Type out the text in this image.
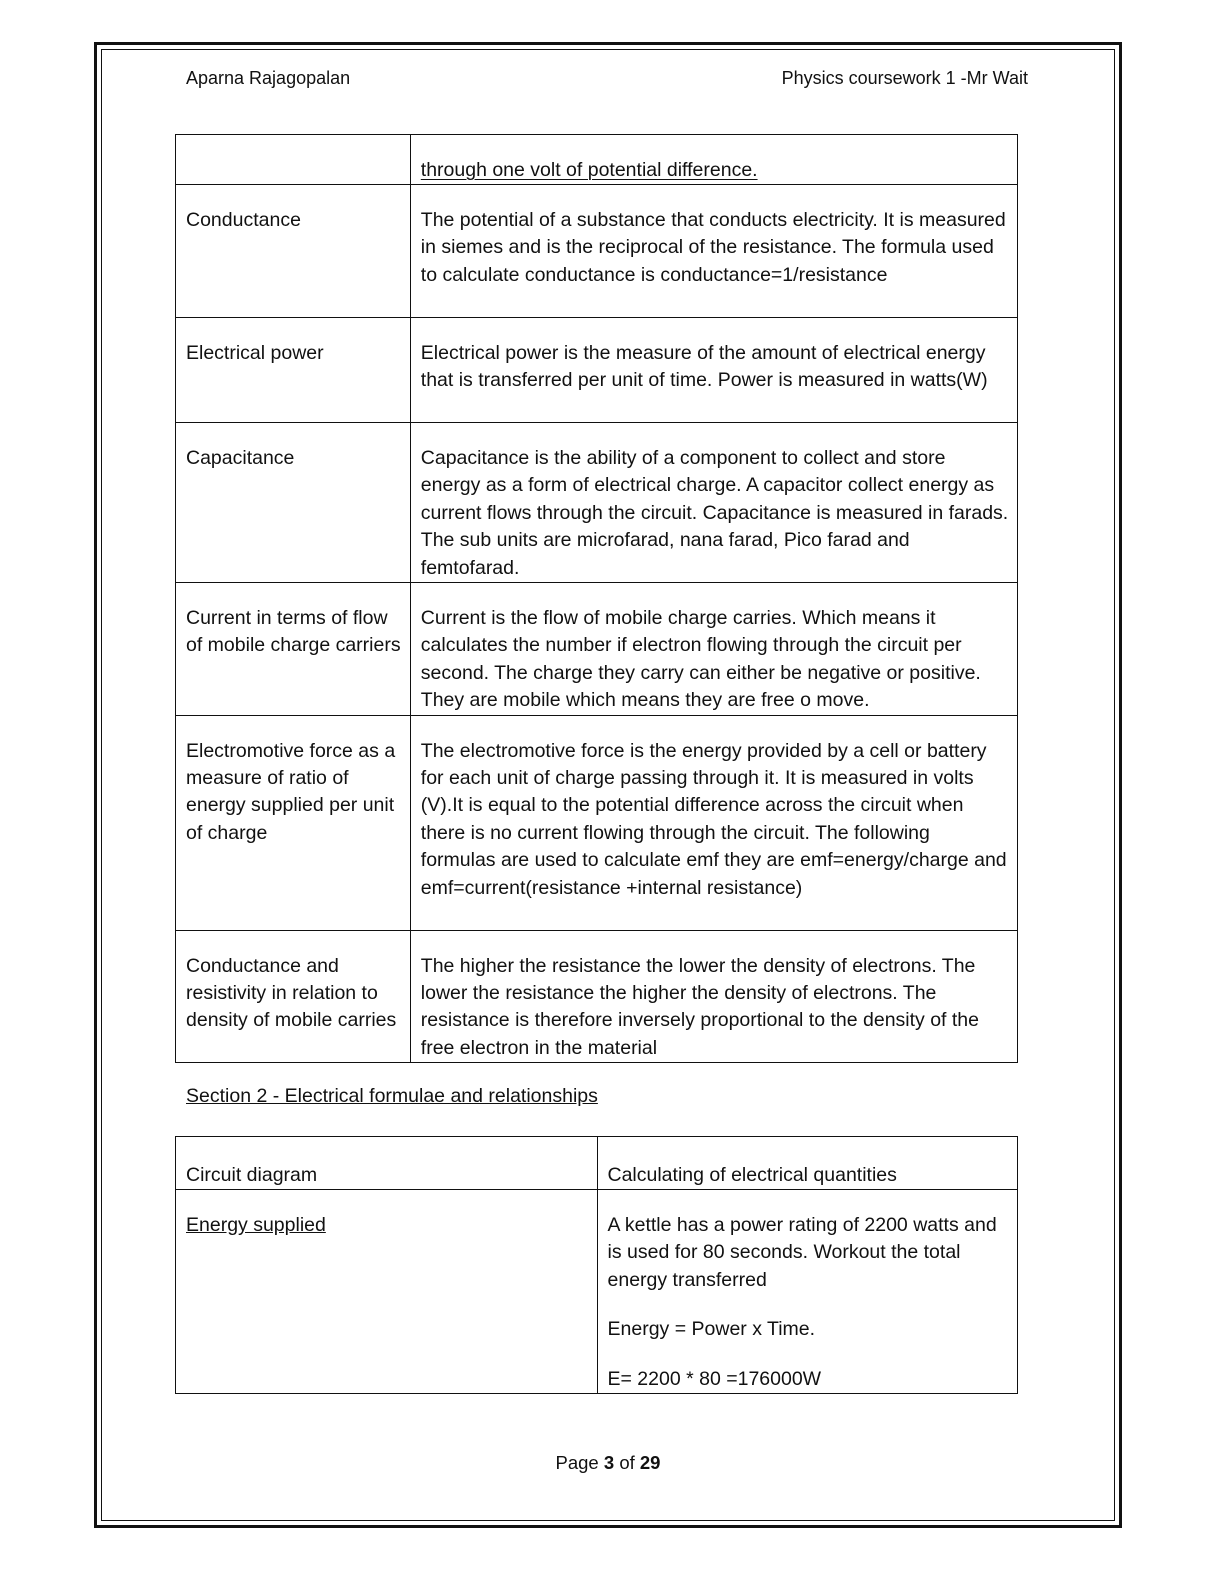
Aparna Rajagopalan	Physics coursework 1 -Mr Wait
	through one volt of potential difference.
Conductance	The potential of a substance that conducts electricity. It is measured in siemes and is the reciprocal of the resistance. The formula used to calculate conductance is conductance=1/resistance
Electrical power	Electrical power is the measure of the amount of electrical energy that is transferred per unit of time. Power is measured in watts(W)
Capacitance	Capacitance is the ability of a component to collect and store energy as a form of electrical charge. A capacitor collect energy as current flows through the circuit. Capacitance is measured in farads. The sub units are microfarad, nana farad, Pico farad and femtofarad.
Current in terms of flow of mobile charge carriers	Current is the flow of mobile charge carries. Which means it calculates the number if electron flowing through the circuit per second. The charge they carry can either be negative or positive. They are mobile which means they are free o move.
Electromotive force as a measure of ratio of energy supplied per unit of charge	The electromotive force is the energy provided by a cell or battery for each unit of charge passing through it. It is measured in volts (V).It is equal to the potential difference across the circuit when there is no current flowing through the circuit. The following formulas are used to calculate emf they are emf=energy/charge and emf=current(resistance +internal resistance)
Conductance and resistivity in relation to density of mobile carries	The higher the resistance the lower the density of electrons. The lower the resistance the higher the density of electrons. The resistance is therefore inversely proportional to the density of the free electron in the material
Section 2 - Electrical formulae and relationships
Circuit diagram	Calculating of electrical quantities
Energy supplied	A kettle has a power rating of 2200 watts and is used for 80 seconds. Workout the total energy transferred

Energy = Power x Time.

E= 2200 * 80 =176000W

Page 3 of 29
